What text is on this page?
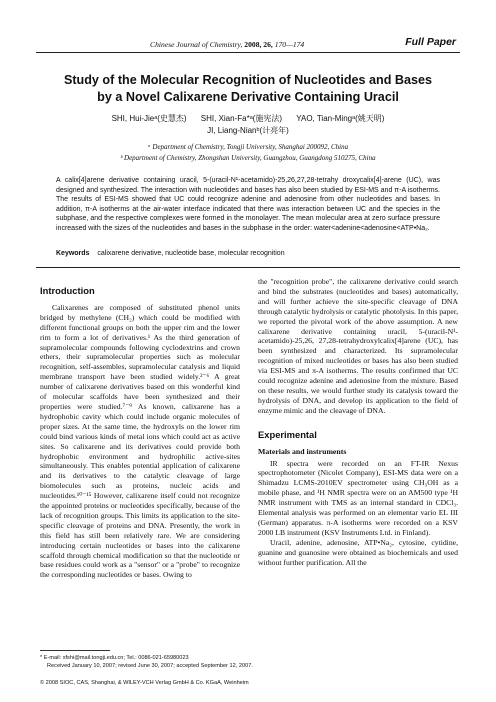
Chinese Journal of Chemistry, 2008, 26, 170—174	Full Paper
Study of the Molecular Recognition of Nucleotides and Bases
by a Novel Calixarene Derivative Containing Uracil
SHI, Hui-Jieᵃ(史慧杰) SHI, Xian-Fa*ᵃ(施宪法) YAO, Tian-Mingᵃ(姚天明)
JI, Liang-Nianᵇ(计亮年)
ᵃ Department of Chemistry, Tongji University, Shanghai 200092, China
ᵇ Department of Chemistry, Zhongshan University, Guangzhou, Guangdong 510275, China
A calix[4]arene derivative containing uracil, 5-(uracil-N¹-acetamido)-25,26,27,28-tetrahy droxycalix[4]-arene (UC), was designed and synthesized. The interaction with nucleotides and bases has also been studied by ESI-MS and π-A isotherms. The results of ESI-MS showed that UC could recognize adenine and adenosine from other nucleotides and bases. In addition, π-A isotherms at the air-water interface indicated that there was interaction between UC and the species in the subphase, and the respective complexes were formed in the monolayer. The mean molecular area at zero surface pressure increased with the sizes of the nucleotides and bases in the subphase in the order: water<adenine<adenosine<ATP•Na₂.
Keywords calixarene derivative, nucleotide base, molecular recognition
Introduction

Calixarenes are composed of substituted phenol units bridged by methylene (CH₂) which could be modified with different functional groups on both the upper rim and the lower rim to form a lot of derivatives.¹ As the third generation of supramolecular compounds following cyclodextrins and crown ethers, their supramolecular properties such as molecular recognition, self-assembles, supramolecular catalysis and liquid membrane transport have been studied widely.²⁻⁶ A great number of calixarene derivatives based on this wonderful kind of molecular scaffolds have been synthesized and their properties were studied.⁷⁻⁹ As known, calixarene has a hydrophobic cavity which could include organic molecules of proper sizes. At the same time, the hydroxyls on the lower rim could bind various kinds of metal ions which could act as active sites. So calixarene and its derivatives could provide both hydrophobic environment and hydrophilic active-sites simultaneously. This enables potential application of calixarene and its derivatives to the catalytic cleavage of large biomolecules such as proteins, nucleic acids and nucleotides.¹⁰⁻¹⁵ However, calixarene itself could not recognize the appointed proteins or nucleotides specifically, because of the lack of recognition groups. This limits its application to the site-specific cleavage of proteins and DNA. Presently, the work in this field has still been relatively rare. We are considering introducing certain nucleotides or bases into the calixarene scaffold through chemical modification so that the nucleotide or base residues could work as a "sensor" or a "probe" to recognize the corresponding nucleotides or bases. Owing to

the "recognition probe", the calixarene derivative could search and bind the substrates (nucleotides and bases) automatically, and will further achieve the site-specific cleavage of DNA through catalytic hydrolysis or catalytic photolysis. In this paper, we reported the pivotal work of the above assumption. A new calixarene derivative containing uracil, 5-(uracil-N¹-acetamido)-25,26, 27,28-tetrahydroxylcalix[4]arene (UC), has been synthesized and characterized. Its supramolecular recognition of mixed nucleotides or bases has also been studied via ESI-MS and π-A isotherms. The results confirmed that UC could recognize adenine and adenosine from the mixture. Based on these results, we would further study its catalysis toward the hydrolysis of DNA, and develop its application to the field of enzyme mimic and the cleavage of DNA.

Experimental
Materials and instruments

IR spectra were recorded on an FT-IR Nexus spectrophotometer (Nicolet Company), ESI-MS data were on a Shimadzu LCMS-2010EV spectrometer using CH₃OH as a mobile phase, and ¹H NMR spectra were on an AM500 type ¹H NMR instrument with TMS as an internal standard in CDCl₃. Elemental analysis was performed on an elementar vario EL III (German) apparatus. π-A isotherms were recorded on a KSV 2000 LB instrument (KSV Instruments Ltd. in Finland).

Uracil, adenine, adenosine, ATP•Na₂, cytosine, cytidine, guanine and guanosine were obtained as biochemicals and used without further purification. All the

* E-mail: xfshi@mail.tongji.edu.cn; Tel.: 0086-021-65980023
Received January 10, 2007; revised June 30, 2007; accepted September 12, 2007.
© 2008 SIOC, CAS, Shanghai, & WILEY-VCH Verlag GmbH & Co. KGaA, Weinheim
